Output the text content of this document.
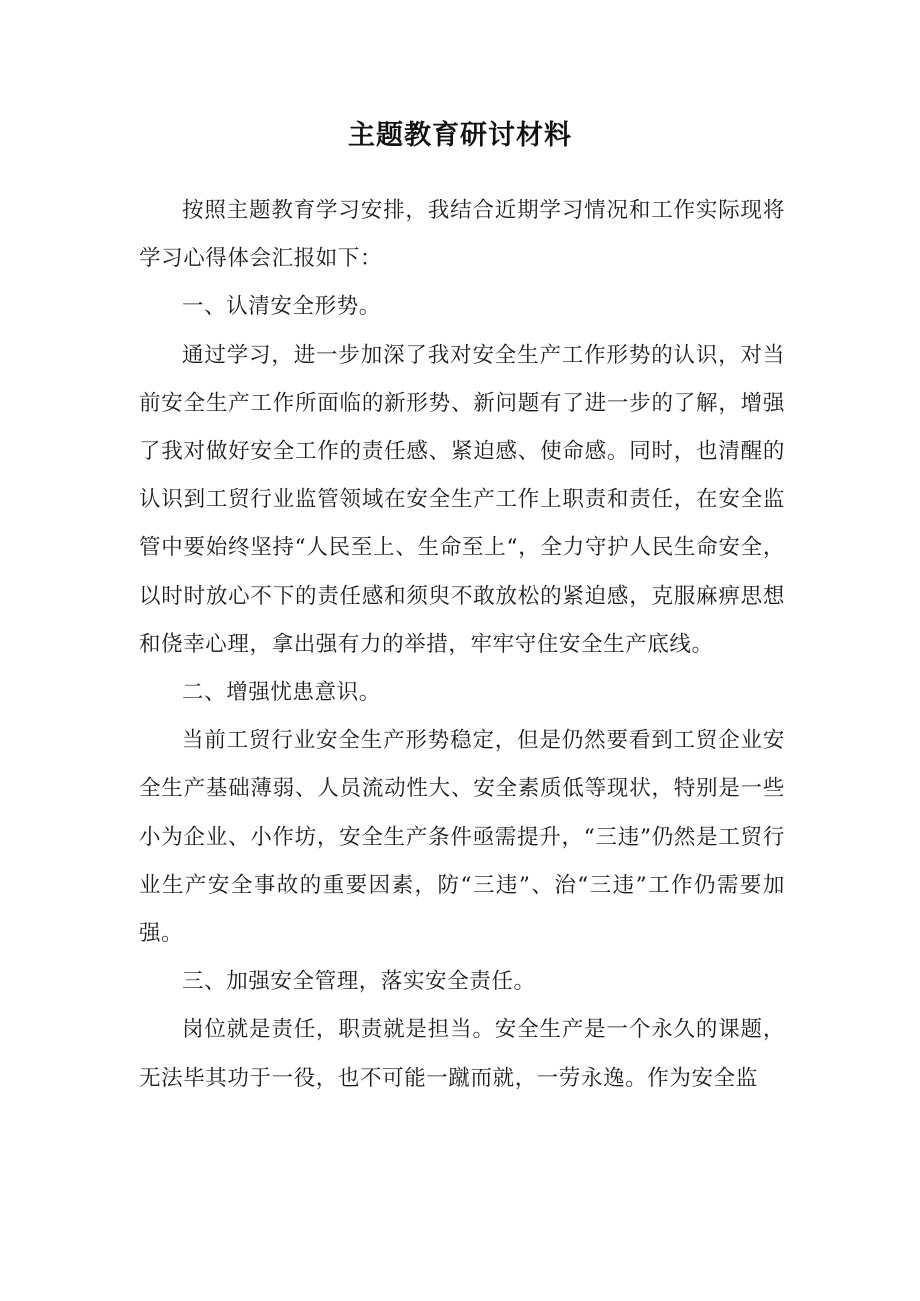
主题教育研讨材料

按照主题教育学习安排，我结合近期学习情况和工作实际现将学习心得体会汇报如下：

一、认清安全形势。

通过学习，进一步加深了我对安全生产工作形势的认识，对当前安全生产工作所面临的新形势、新问题有了进一步的了解，增强了我对做好安全工作的责任感、紧迫感、使命感。同时，也清醒的认识到工贸行业监管领域在安全生产工作上职责和责任，在安全监管中要始终坚持“人民至上、生命至上“，全力守护人民生命安全，以时时放心不下的责任感和须臾不敢放松的紧迫感，克服麻痹思想和侥幸心理，拿出强有力的举措，牢牢守住安全生产底线。

二、增强忧患意识。

当前工贸行业安全生产形势稳定，但是仍然要看到工贸企业安全生产基础薄弱、人员流动性大、安全素质低等现状，特别是一些小为企业、小作坊，安全生产条件亟需提升，“三违”仍然是工贸行业生产安全事故的重要因素，防“三违”、治“三违”工作仍需要加强。

三、加强安全管理，落实安全责任。

岗位就是责任，职责就是担当。安全生产是一个永久的课题，无法毕其功于一役，也不可能一蹴而就，一劳永逸。作为安全监
